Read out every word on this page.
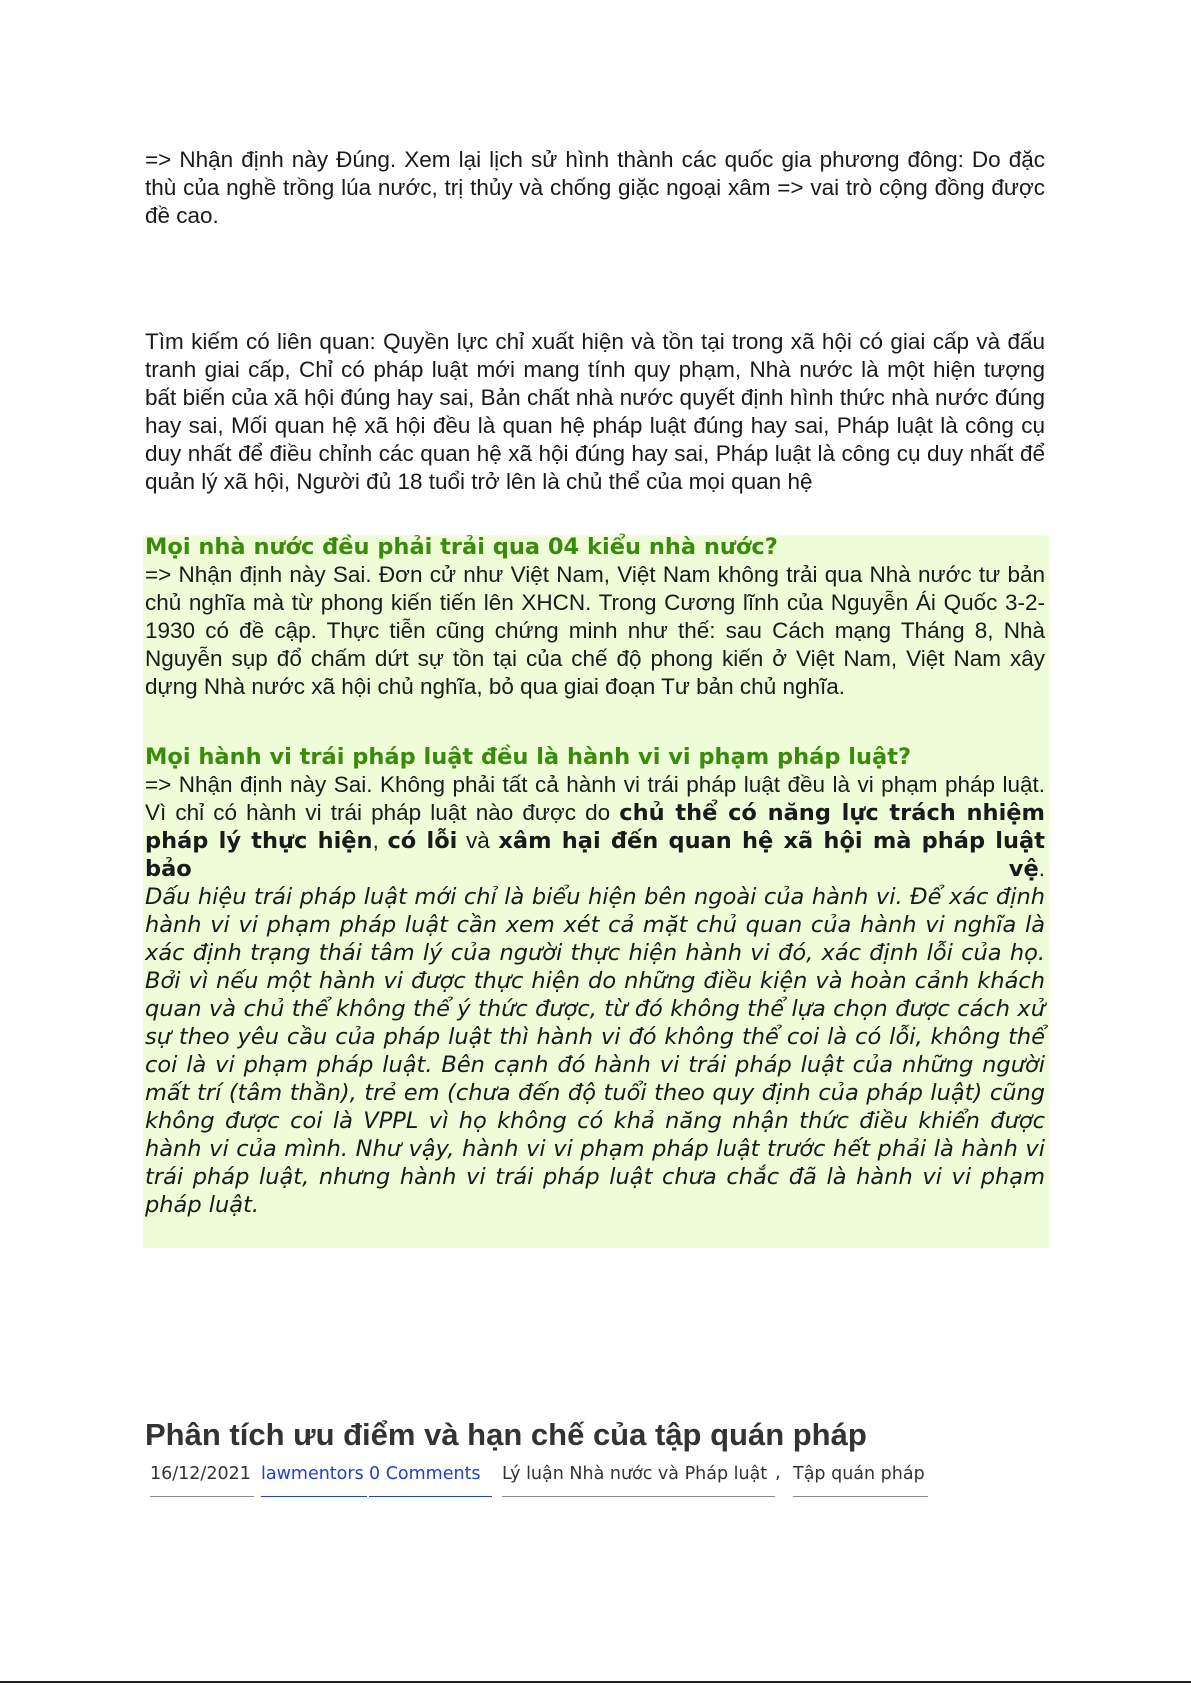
=> Nhận định này Đúng. Xem lại lịch sử hình thành các quốc gia phương đông: Do đặc thù của nghề trồng lúa nước, trị thủy và chống giặc ngoại xâm => vai trò cộng đồng được đề cao.

Tìm kiếm có liên quan: Quyền lực chỉ xuất hiện và tồn tại trong xã hội có giai cấp và đấu tranh giai cấp, Chỉ có pháp luật mới mang tính quy phạm, Nhà nước là một hiện tượng bất biến của xã hội đúng hay sai, Bản chất nhà nước quyết định hình thức nhà nước đúng hay sai, Mối quan hệ xã hội đều là quan hệ pháp luật đúng hay sai, Pháp luật là công cụ duy nhất để điều chỉnh các quan hệ xã hội đúng hay sai, Pháp luật là công cụ duy nhất để quản lý xã hội, Người đủ 18 tuổi trở lên là chủ thể của mọi quan hệ

Mọi nhà nước đều phải trải qua 04 kiểu nhà nước?

=> Nhận định này Sai. Đơn cử như Việt Nam, Việt Nam không trải qua Nhà nước tư bản chủ nghĩa mà từ phong kiến tiến lên XHCN. Trong Cương lĩnh của Nguyễn Ái Quốc 3-2-1930 có đề cập. Thực tiễn cũng chứng minh như thế: sau Cách mạng Tháng 8, Nhà Nguyễn sụp đổ chấm dứt sự tồn tại của chế độ phong kiến ở Việt Nam, Việt Nam xây dựng Nhà nước xã hội chủ nghĩa, bỏ qua giai đoạn Tư bản chủ nghĩa.

Mọi hành vi trái pháp luật đều là hành vi vi phạm pháp luật?

=> Nhận định này Sai. Không phải tất cả hành vi trái pháp luật đều là vi phạm pháp luật. Vì chỉ có hành vi trái pháp luật nào được do chủ thể có năng lực trách nhiệm pháp lý thực hiện, có lỗi và xâm hại đến quan hệ xã hội mà pháp luật bảo vệ.

Dấu hiệu trái pháp luật mới chỉ là biểu hiện bên ngoài của hành vi. Để xác định hành vi vi phạm pháp luật cần xem xét cả mặt chủ quan của hành vi nghĩa là xác định trạng thái tâm lý của người thực hiện hành vi đó, xác định lỗi của họ. Bởi vì nếu một hành vi được thực hiện do những điều kiện và hoàn cảnh khách quan và chủ thể không thể ý thức được, từ đó không thể lựa chọn được cách xử sự theo yêu cầu của pháp luật thì hành vi đó không thể coi là có lỗi, không thể coi là vi phạm pháp luật. Bên cạnh đó hành vi trái pháp luật của những người mất trí (tâm thần), trẻ em (chưa đến độ tuổi theo quy định của pháp luật) cũng không được coi là VPPL vì họ không có khả năng nhận thức điều khiển được hành vi của mình. Như vậy, hành vi vi phạm pháp luật trước hết phải là hành vi trái pháp luật, nhưng hành vi trái pháp luật chưa chắc đã là hành vi vi phạm pháp luật.

Phân tích ưu điểm và hạn chế của tập quán pháp
16/12/2021 lawmentors 0 Comments	Lý luận Nhà nước và Pháp luật , Tập quán pháp
